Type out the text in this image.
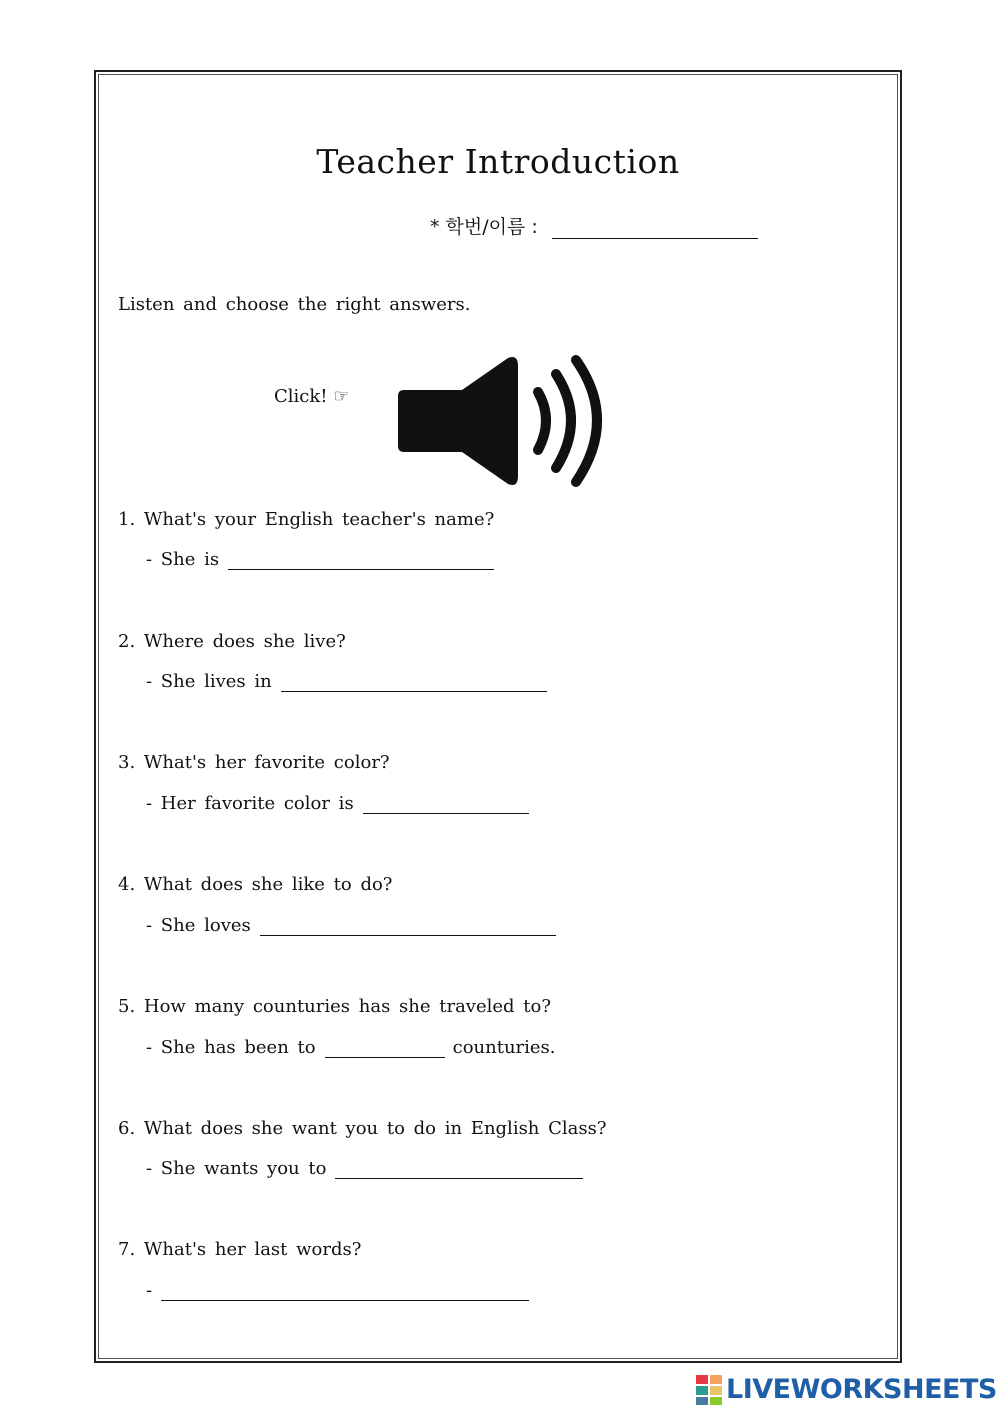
Teacher Introduction
* 학번/이름 :
Listen and choose the right answers.
Click! ☞
1. What's your English teacher's name?
- She is
2. Where does she live?
- She lives in
3. What's her favorite color?
- Her favorite color is
4. What does she like to do?
- She loves
5. How many counturies has she traveled to?
- She has been to	counturies.
6. What does she want you to do in English Class?
- She wants you to
7. What's her last words?
-
LIVEWORKSHEETS
